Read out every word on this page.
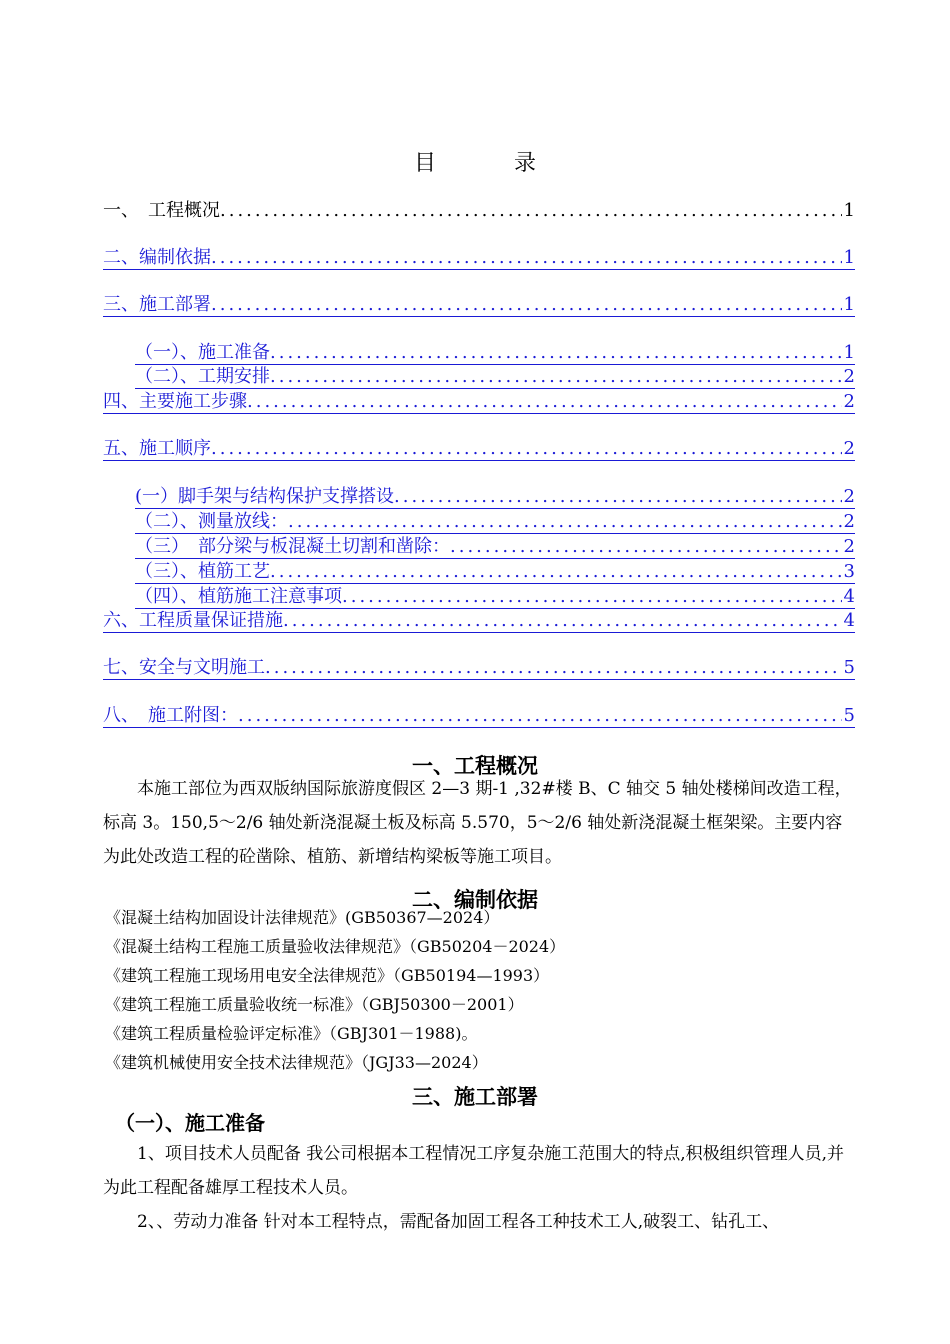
目　录
一、　工程概况 .....	1
二、编制依据 .....	1
三、施工部署 .....	1
（一）、施工准备 .....	1
（二）、工期安排 .....	2
四、主要施工步骤 .....	2
五、施工顺序 .....	2
(一）脚手架与结构保护支撑搭设 .....	2
（二）、测量放线： .....	2
（三）　部分梁与板混凝土切割和凿除： .....	2
（三）、植筋工艺 .....	3
（四）、植筋施工注意事项 .....	4
六、工程质量保证措施 .....	4
七、安全与文明施工 .....	5
八、　施工附图： .....	5
一、工程概况
本施工部位为西双版纳国际旅游度假区 2—3 期-1 ,32#楼 B、C 轴交 5 轴处楼梯间改造工程，标高 3。150,5～2/6 轴处新浇混凝土板及标高 5.570，5～2/6 轴处新浇混凝土框架梁。主要内容为此处改造工程的砼凿除、植筋、新增结构梁板等施工项目。
二、编制依据
《混凝土结构加固设计法律规范》(GB50367—2024）
《混凝土结构工程施工质量验收法律规范》（GB50204－2024）
《建筑工程施工现场用电安全法律规范》（GB50194—1993）
《建筑工程施工质量验收统一标准》（GBJ50300－2001）
《建筑工程质量检验评定标准》（GBJ301－1988)。
《建筑机械使用安全技术法律规范》（JGJ33—2024）
三、施工部署
（一）、施工准备
1、项目技术人员配备 我公司根据本工程情况工序复杂施工范围大的特点,积极组织管理人员,并为此工程配备雄厚工程技术人员。
2、、劳动力准备 针对本工程特点，需配备加固工程各工种技术工人,破裂工、钻孔工、
